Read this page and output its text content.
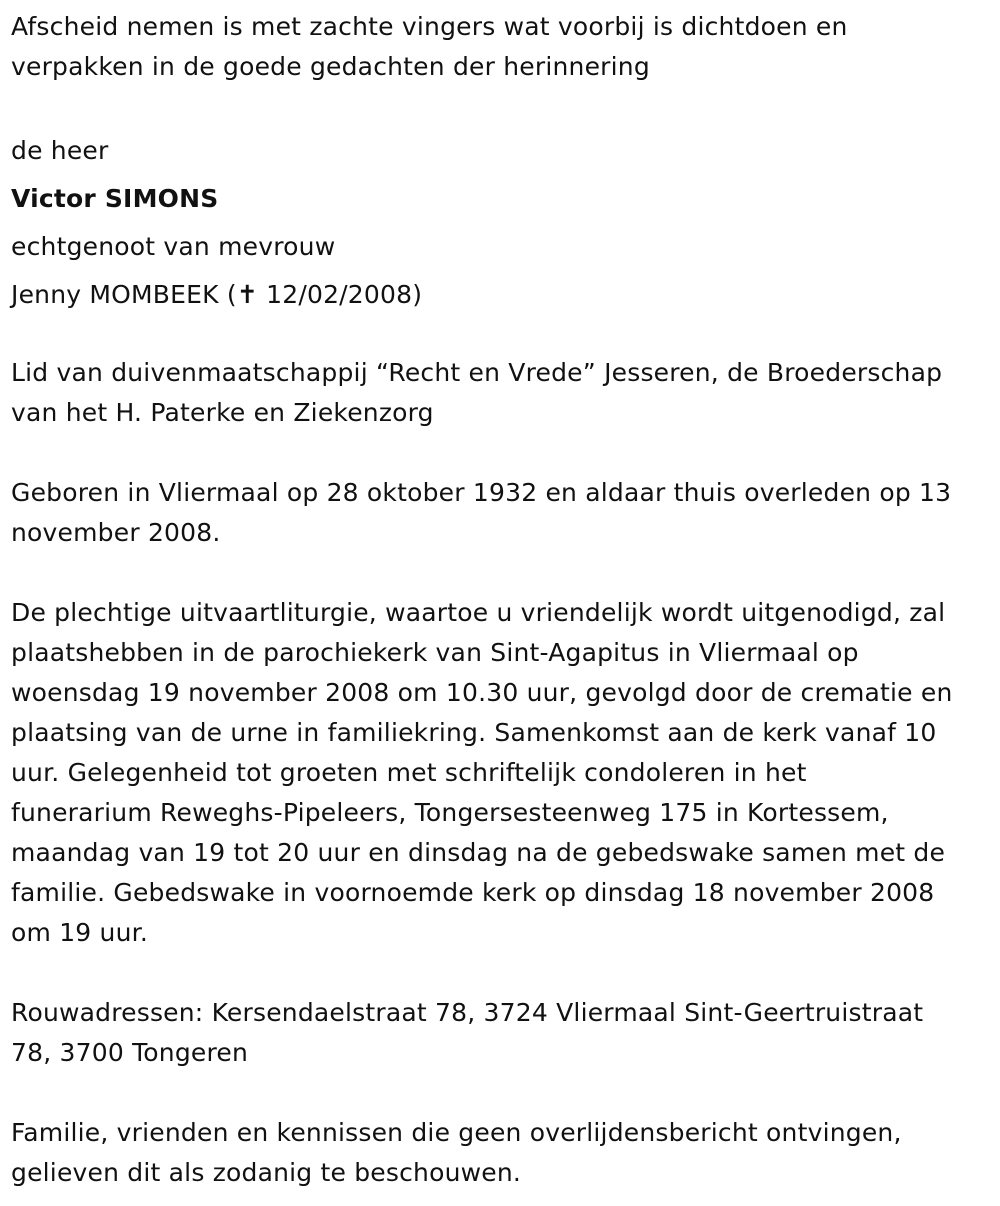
Afscheid nemen is met zachte vingers wat voorbij is dichtdoen en
verpakken in de goede gedachten der herinnering
de heer
Victor SIMONS
echtgenoot van mevrouw
Jenny MOMBEEK (✝ 12/02/2008)
Lid van duivenmaatschappij “Recht en Vrede” Jesseren, de Broederschap
van het H. Paterke en Ziekenzorg
Geboren in Vliermaal op 28 oktober 1932 en aldaar thuis overleden op 13
november 2008.
De plechtige uitvaartliturgie, waartoe u vriendelijk wordt uitgenodigd, zal
plaatshebben in de parochiekerk van Sint-Agapitus in Vliermaal op
woensdag 19 november 2008 om 10.30 uur, gevolgd door de crematie en
plaatsing van de urne in familiekring. Samenkomst aan de kerk vanaf 10
uur. Gelegenheid tot groeten met schriftelijk condoleren in het
funerarium Reweghs-Pipeleers, Tongersesteenweg 175 in Kortessem,
maandag van 19 tot 20 uur en dinsdag na de gebedswake samen met de
familie. Gebedswake in voornoemde kerk op dinsdag 18 november 2008
om 19 uur.
Rouwadressen: Kersendaelstraat 78, 3724 Vliermaal Sint-Geertruistraat
78, 3700 Tongeren
Familie, vrienden en kennissen die geen overlijdensbericht ontvingen,
gelieven dit als zodanig te beschouwen.
